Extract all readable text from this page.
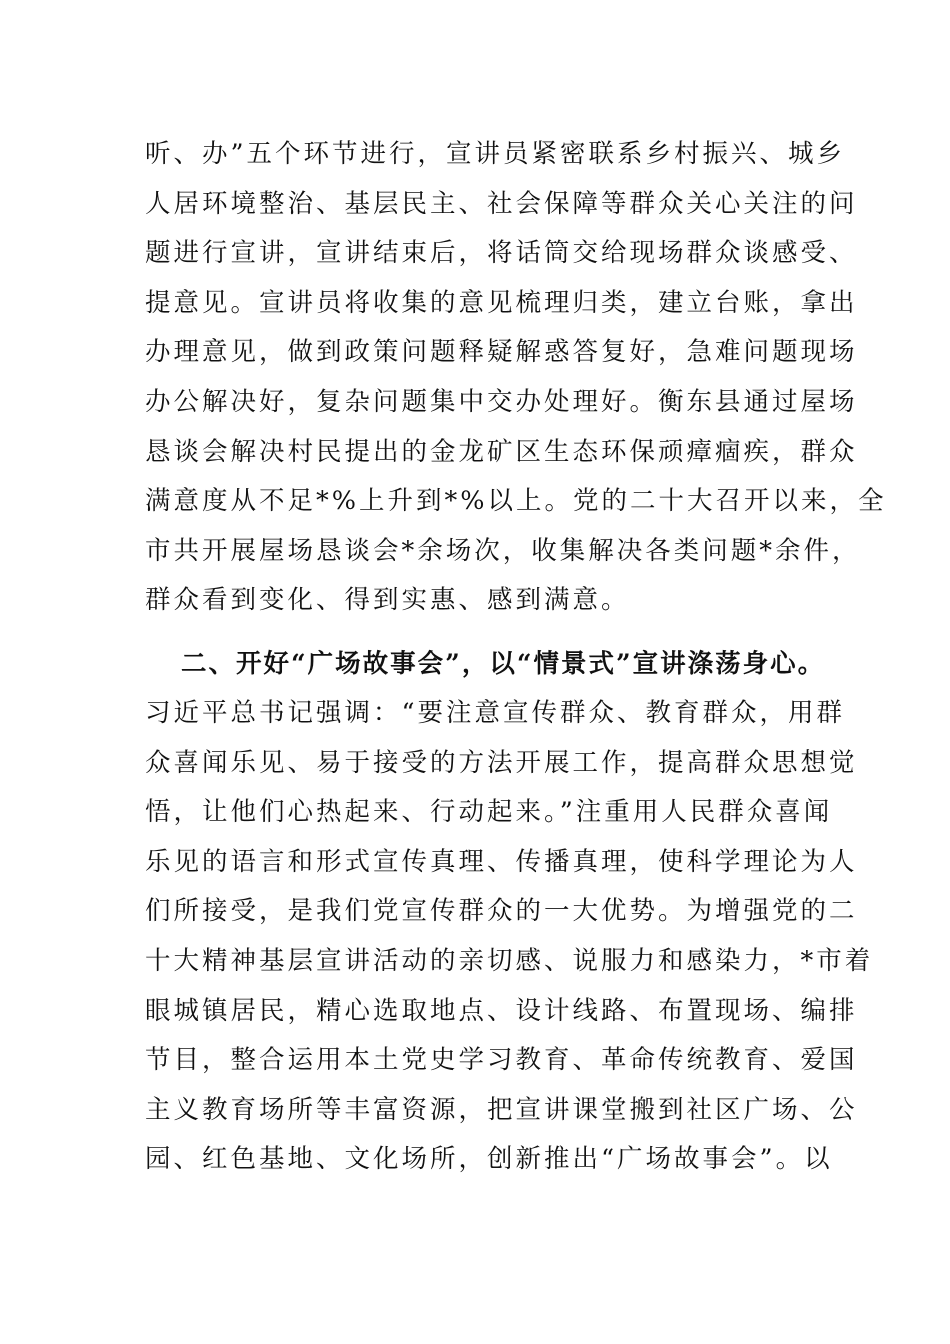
听、办”五个环节进行，宣讲员紧密联系乡村振兴、城乡
人居环境整治、基层民主、社会保障等群众关心关注的问
题进行宣讲，宣讲结束后，将话筒交给现场群众谈感受、
提意见。宣讲员将收集的意见梳理归类，建立台账，拿出
办理意见，做到政策问题释疑解惑答复好，急难问题现场
办公解决好，复杂问题集中交办处理好。衡东县通过屋场
恳谈会解决村民提出的金龙矿区生态环保顽瘴痼疾，群众
满意度从不足*%上升到*%以上。党的二十大召开以来，全
市共开展屋场恳谈会*余场次，收集解决各类问题*余件，
群众看到变化、得到实惠、感到满意。
二、开好“广场故事会”，以“情景式”宣讲涤荡身心。
习近平总书记强调：“要注意宣传群众、教育群众，用群
众喜闻乐见、易于接受的方法开展工作，提高群众思想觉
悟，让他们心热起来、行动起来。”注重用人民群众喜闻
乐见的语言和形式宣传真理、传播真理，使科学理论为人
们所接受，是我们党宣传群众的一大优势。为增强党的二
十大精神基层宣讲活动的亲切感、说服力和感染力，*市着
眼城镇居民，精心选取地点、设计线路、布置现场、编排
节目，整合运用本土党史学习教育、革命传统教育、爱国
主义教育场所等丰富资源，把宣讲课堂搬到社区广场、公
园、红色基地、文化场所，创新推出“广场故事会”。以
